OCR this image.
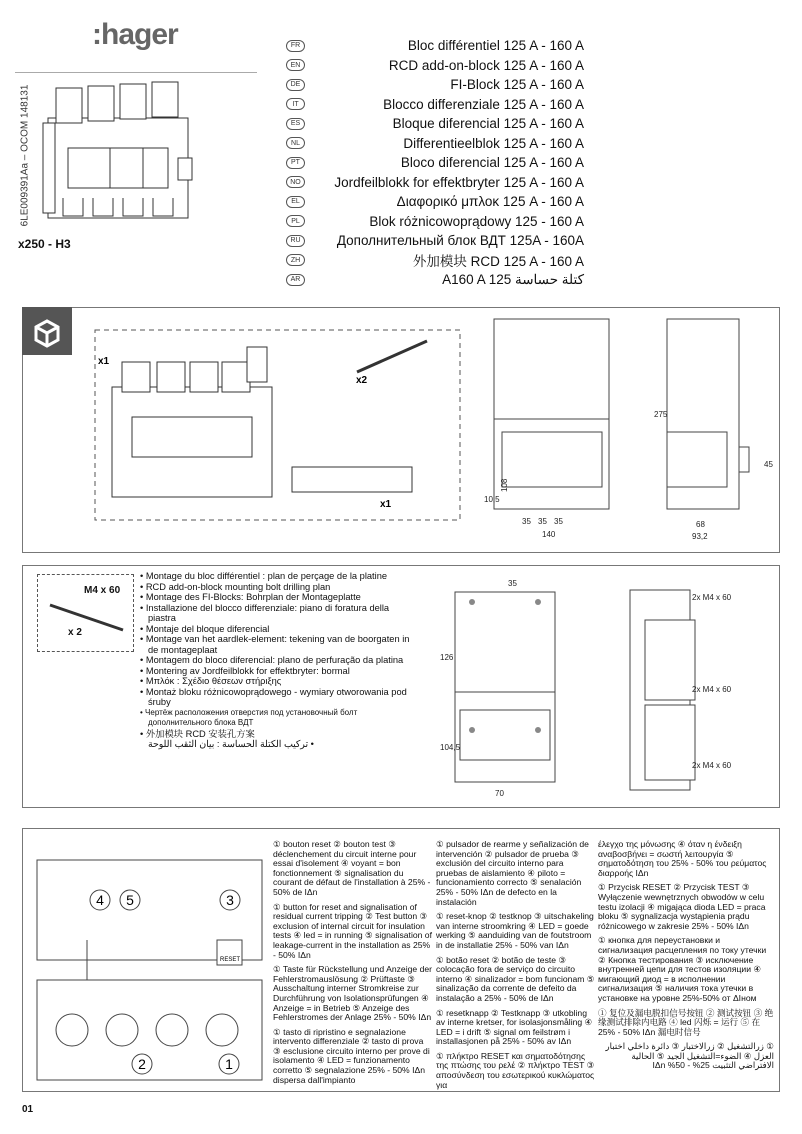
:hager
6LE009391Aa – OCOM 148131
x250 - H3
FR	Bloc différentiel 125 A - 160 A
EN	RCD add-on-block 125 A - 160 A
DE	FI-Block 125 A - 160 A
IT	Blocco differenziale 125 A - 160 A
ES	Bloque diferencial 125 A - 160 A
NL	Differentieelblok 125 A - 160 A
PT	Bloco diferencial 125 A - 160 A
NO	Jordfeilblokk for effektbryter 125 A - 160 A
EL	Διαφορικό μπλοκ 125 A - 160 A
PL	Blok różnicowoprądowy 125 - 160 A
RU	Дополнительный блок ВДТ 125A - 160A
ZH	外加模块 RCD 125 A - 160 A
AR	A160 A 125 كتلة حساسة
x1
x2
x1
108
10,5
35 35 35
140
275
68
93,2
45
M4 x 60
x 2
• Montage du bloc différentiel : plan de perçage de la platine
• RCD add-on-block mounting bolt drilling plan
• Montage des FI-Blocks: Bohrplan der Montageplatte
• Installazione del blocco differenziale: piano di foratura della piastra
• Montaje del bloque diferencial
• Montage van het aardlek-element: tekening van de boorgaten in de montageplaat
• Montagem do bloco diferencial: plano de perfuração da platina
• Montering av Jordfeilblokk for effektbryter: bormal
• Μπλόκ : Σχέδιο θέσεων στήριξης
• Montaż bloku różnicowoprądowego - wymiary otworowania pod śruby
• Чертёж расположения отверстия под установочный болт дополнительного блока ВДТ
• 外加模块 RCD 安装孔方案
• تركيب الكتلة الحساسة : بيان الثقب اللوحة
35
126
104,5
70
2x M4 x 60
2x M4 x 60
2x M4 x 60
4 5	3
2	1
RESET

① bouton reset ② bouton test ③ déclenchement du circuit interne pour essai d'isolement ④ voyant = bon fonctionnement ⑤ signalisation du courant de défaut de l'installation à 25% - 50% de IΔn

① button for reset and signalisation of residual current tripping ② Test button ③ exclusion of internal circuit for insulation tests ④ led = in running ⑤ signalisation of leakage-current in the installation as 25% - 50% IΔn

① Taste für Rückstellung und Anzeige der Fehlerstromauslösung ② Prüftaste ③ Ausschaltung interner Stromkreise zur Durchführung von Isolationsprüfungen ④ Anzeige = in Betrieb ⑤ Anzeige des Fehlerstromes der Anlage 25% - 50% IΔn

① tasto di ripristino e segnalazione intervento differenziale ② tasto di prova ③ esclusione circuito interno per prove di isolamento ④ LED = funzionamento corretto ⑤ segnalazione 25% - 50% IΔn dispersa dall'impianto

① pulsador de rearme y señalización de intervención ② pulsador de prueba ③ exclusión del circuito interno para pruebas de aislamiento ④ piloto = funcionamiento correcto ⑤ senalación 25% - 50% IΔn de defecto en la instalación

① reset-knop ② testknop ③ uitschakeling van interne stroomkring ④ LED = goede werking ⑤ aanduiding van de foutstroom in de installatie 25% - 50% van IΔn

① botão reset ② botão de teste ③ colocação fora de serviço do circuito interno ④ sinalizador = bom funcionam ⑤ sinalização da corrente de defeito da instalação a 25% - 50% de IΔn

① resetknapp ② Testknapp ③ utkobling av interne kretser, for isolasjonsmåling ④ LED = i drift ⑤ signal om feilstrøm i installasjonen på 25% - 50% av IΔn

① πλήκτρο RESET και σηματοδότησης της πτώσης του ρελέ ② πλήκτρο TEST ③ αποσύνδεση του εσωτερικού κυκλώματος για

έλεγχο της μόνωσης ④ όταν η ένδειξη αναβοσβήνει = σωστή λειτουργία ⑤ σηματοδότηση του 25% - 50% του ρεύματος διαρροής IΔn

① Przycisk RESET ② Przycisk TEST ③ Wyłączenie wewnętrznych obwodów w celu testu izolacji ④ migająca dioda LED = praca bloku ⑤ sygnalizacja wystąpienia prądu różnicowego w zakresie 25% - 50% IΔn

① кнопка для переустановки и сигнализация расцепления по току утечки ② Кнопка тестирования ③ исключение внутренней цепи для тестов изоляции ④ мигающий диод = в исполнении сигнализация ⑤ наличия тока утечки в установке на уровне 25%-50% от ΔIном

① 复位及漏电脱扣信号按钮 ② 测试按钮 ③ 绝缘测试排除内电路 ④ led 闪烁 = 运行 ⑤ 在 25% - 50% IΔn 漏电时信号

① زرالتشغيل ② زرالاختبار ③ دائرة داخلي اختبار العزل ④ الضوء=التشغيل الجيد ⑤ الحالية الافتراضي التثبيت 25% - 50% IΔn

01
